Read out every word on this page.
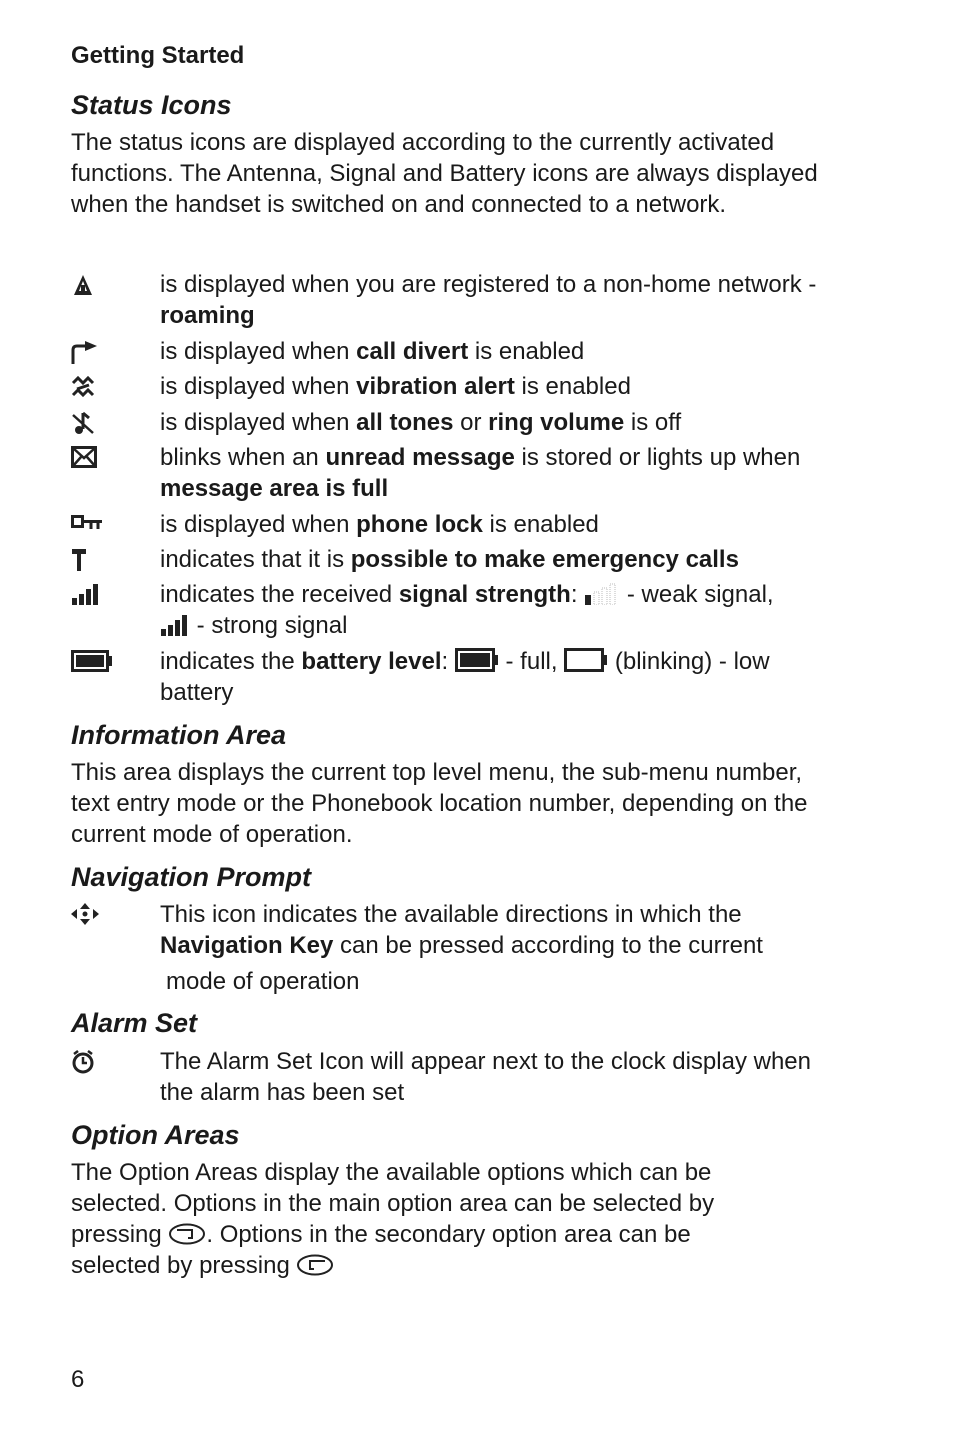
Getting Started

Status Icons

The status icons are displayed according to the currently activated functions. The Antenna, Signal and Battery icons are always displayed when the handset is switched on and connected to a network.

is displayed when you are registered to a non-home network - roaming
is displayed when call divert is enabled
is displayed when vibration alert is enabled
is displayed when all tones or ring volume is off
blinks when an unread message is stored or lights up when message area is full
is displayed when phone lock is enabled
indicates that it is possible to make emergency calls
indicates the received signal strength:
- weak signal,

- strong signal
indicates the battery level:
- full,
(blinking) - low battery
Information Area

This area displays the current top level menu, the sub-menu number, text entry mode or the Phonebook location number, depending on the current mode of operation.

Navigation Prompt
This icon indicates the available directions in which the Navigation Key can be pressed according to the current
mode of operation
Alarm Set
The Alarm Set Icon will appear next to the clock display when the alarm has been set
Option Areas

The Option Areas display the available options which can be
selected. Options in the main option area can be selected by
pressing
. Options in the secondary option area can be
selected by pressing

6
